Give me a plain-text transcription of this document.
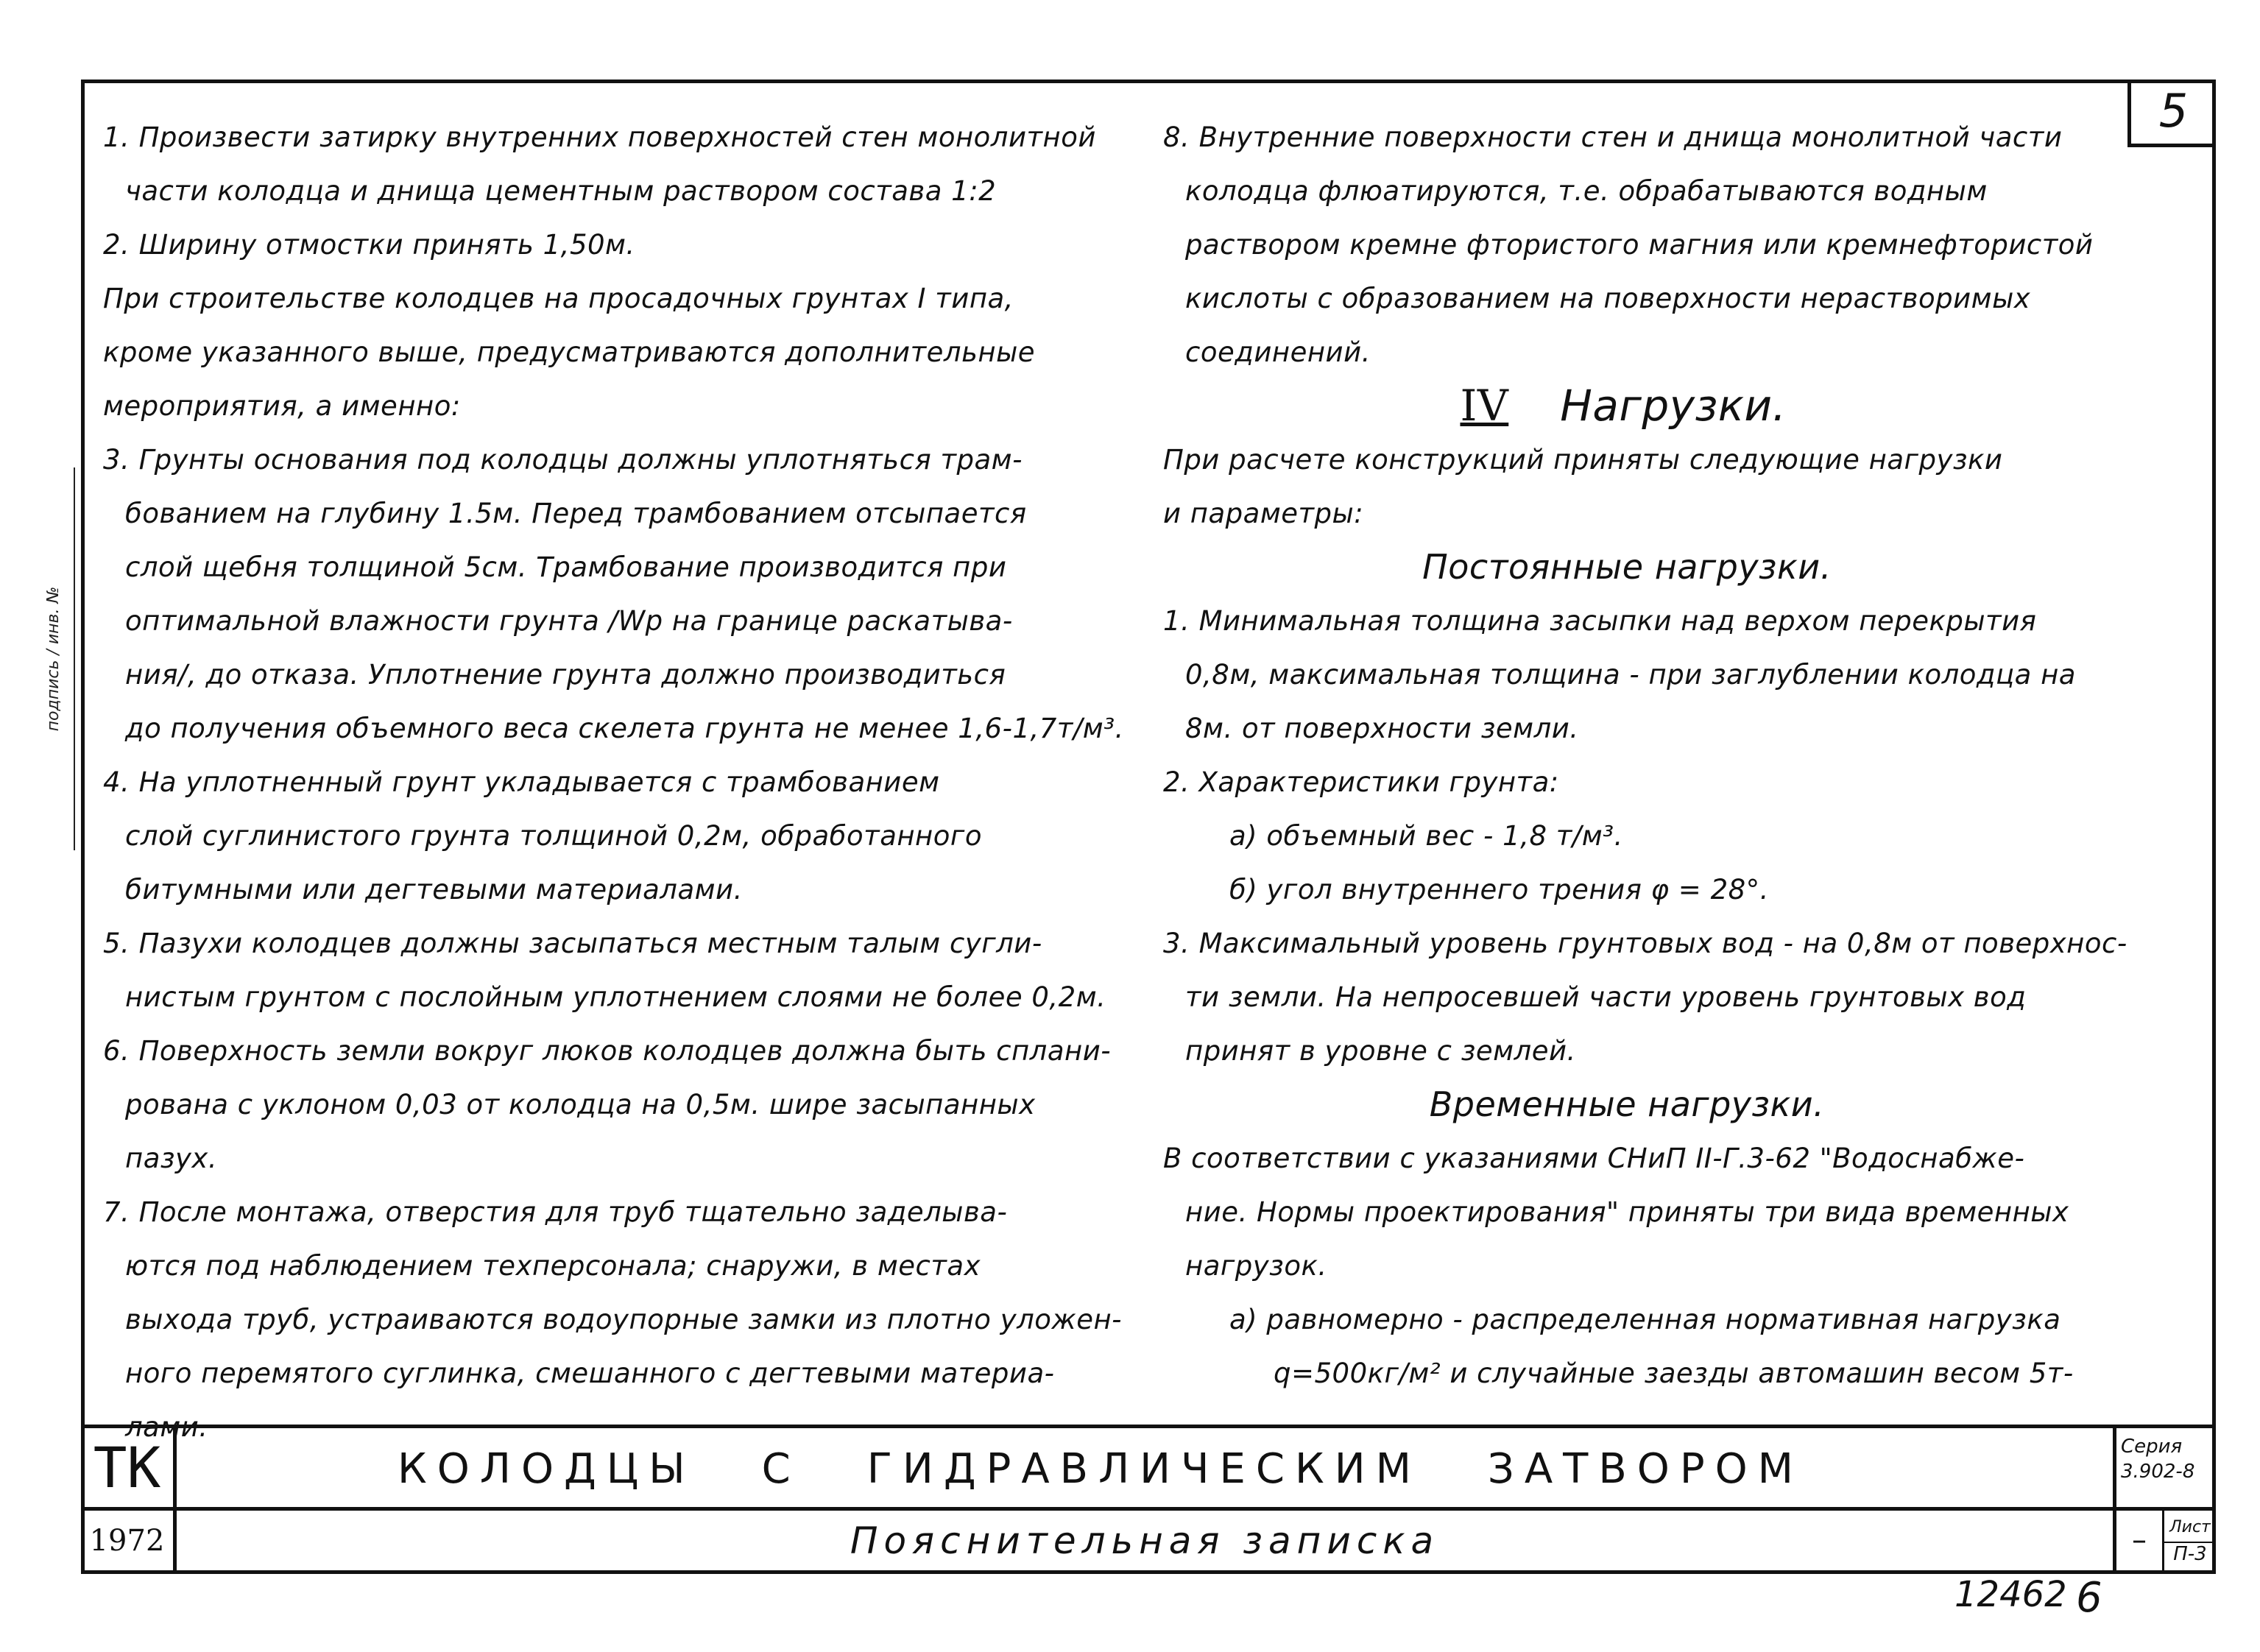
5

1. Произвести затирку внутренних поверхностей стен монолитной

части колодца и днища цементным раствором состава 1:2

2. Ширину отмостки принять 1,50м.

При строительстве колодцев на просадочных грунтах I типа,

кроме указанного выше, предусматриваются дополнительные

мероприятия, а именно:

3. Грунты основания под колодцы должны уплотняться трам-

бованием на глубину 1.5м. Перед трамбованием отсыпается

слой щебня толщиной 5см. Трамбование производится при

оптимальной влажности грунта /Wp на границе раскатыва-

ния/, до отказа. Уплотнение грунта должно производиться

до получения объемного веса скелета грунта не менее 1,6-1,7т/м³.

4. На уплотненный грунт укладывается с трамбованием

слой суглинистого грунта толщиной 0,2м, обработанного

битумными или дегтевыми материалами.

5. Пазухи колодцев должны засыпаться местным талым сугли-

нистым грунтом с послойным уплотнением слоями не более 0,2м.

6. Поверхность земли вокруг люков колодцев должна быть сплани-

рована с уклоном 0,03 от колодца на 0,5м. шире засыпанных

пазух.

7. После монтажа, отверстия для труб тщательно заделыва-

ются под наблюдением техперсонала; снаружи, в местах

выхода труб, устраиваются водоупорные замки из плотно уложен-

ного перемятого суглинка, смешанного с дегтевыми материа-

лами.

8. Внутренние поверхности стен и днища монолитной части

колодца флюатируются, т.е. обрабатываются водным

раствором кремне фтористого магния или кремнефтористой

кислоты с образованием на поверхности нерастворимых

соединений.

IV Нагрузки.

При расчете конструкций приняты следующие нагрузки

и параметры:

Постоянные нагрузки.

1. Минимальная толщина засыпки над верхом перекрытия

0,8м, максимальная толщина - при заглублении колодца на

8м. от поверхности земли.

2. Характеристики грунта:

а) объемный вес - 1,8 т/м³.

б) угол внутреннего трения φ = 28°.

3. Максимальный уровень грунтовых вод - на 0,8м от поверхнос-

ти земли. На непросевшей части уровень грунтовых вод

принят в уровне с землей.

Временные нагрузки.

В соответствии с указаниями СНиП II-Г.3-62 "Водоснабже-

ние. Нормы проектирования" приняты три вида временных

нагрузок.

а) равномерно - распределенная нормативная нагрузка

q=500кг/м² и случайные заезды автомашин весом 5т-

ТК
1972
КОЛОДЦЫ С ГИДРАВЛИЧЕСКИМ ЗАТВОРОМ
Пояснительная записка
Серия
3.902-8
–	Лист
П-3
подпись / инв. №
12462 6
